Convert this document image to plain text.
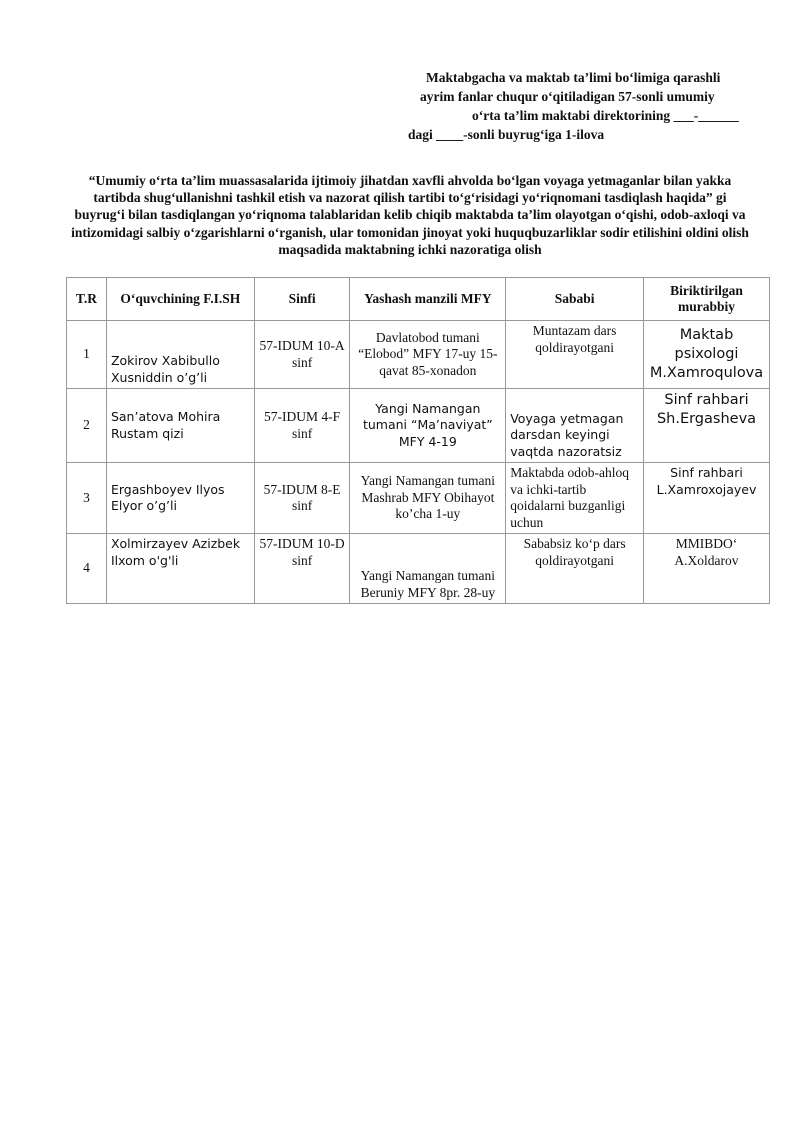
Maktabgacha va maktab ta’limi bo‘limiga qarashli
ayrim fanlar chuqur o‘qitiladigan 57-sonli umumiy
o‘rta ta’lim maktabi direktorining ___-______
dagi ____-sonli buyrug‘iga 1-ilova
“Umumiy o‘rta ta’lim muassasalarida ijtimoiy jihatdan xavfli ahvolda bo‘lgan voyaga yetmaganlar bilan yakka tartibda shug‘ullanishni tashkil etish va nazorat qilish tartibi to‘g‘risidagi yo‘riqnomani tasdiqlash haqida” gi buyrug‘i bilan tasdiqlangan yo‘riqnoma talablaridan kelib chiqib maktabda ta’lim olayotgan o‘qishi, odob-axloqi va intizomidagi salbiy o‘zgarishlarni o‘rganish, ular tomonidan jinoyat yoki huquqbuzarliklar sodir etilishini oldini olish maqsadida maktabning ichki nazoratiga olish
T.R	O‘quvchining F.I.SH	Sinfi	Yashash manzili MFY	Sababi	Biriktirilgan murabbiy
1	Zokirov Xabibullo Xusniddin o’g’li	57-IDUM 10-A sinf	Davlatobod tumani “Elobod” MFY 17-uy 15-qavat 85-xonadon	Muntazam dars qoldirayotgani	Maktab psixologi M.Xamroqulova
2	San’atova Mohira Rustam qizi	57-IDUM 4-F sinf	Yangi Namangan tumani “Ma’naviyat” MFY 4-19	Voyaga yetmagan darsdan keyingi vaqtda nazoratsiz	Sinf rahbari Sh.Ergasheva
3	Ergashboyev Ilyos Elyor o’g’li	57-IDUM 8-E sinf	Yangi Namangan tumani Mashrab MFY Obihayot ko’cha 1-uy	Maktabda odob-ahloq va ichki-tartib qoidalarni buzganligi uchun	Sinf rahbari L.Xamroxojayev
4	Xolmirzayev Azizbek Ilxom o'g'li	57-IDUM 10-D sinf	Yangi Namangan tumani Beruniy MFY 8pr. 28-uy	Sababsiz ko‘p dars qoldirayotgani	MMIBDO‘ A.Xoldarov
